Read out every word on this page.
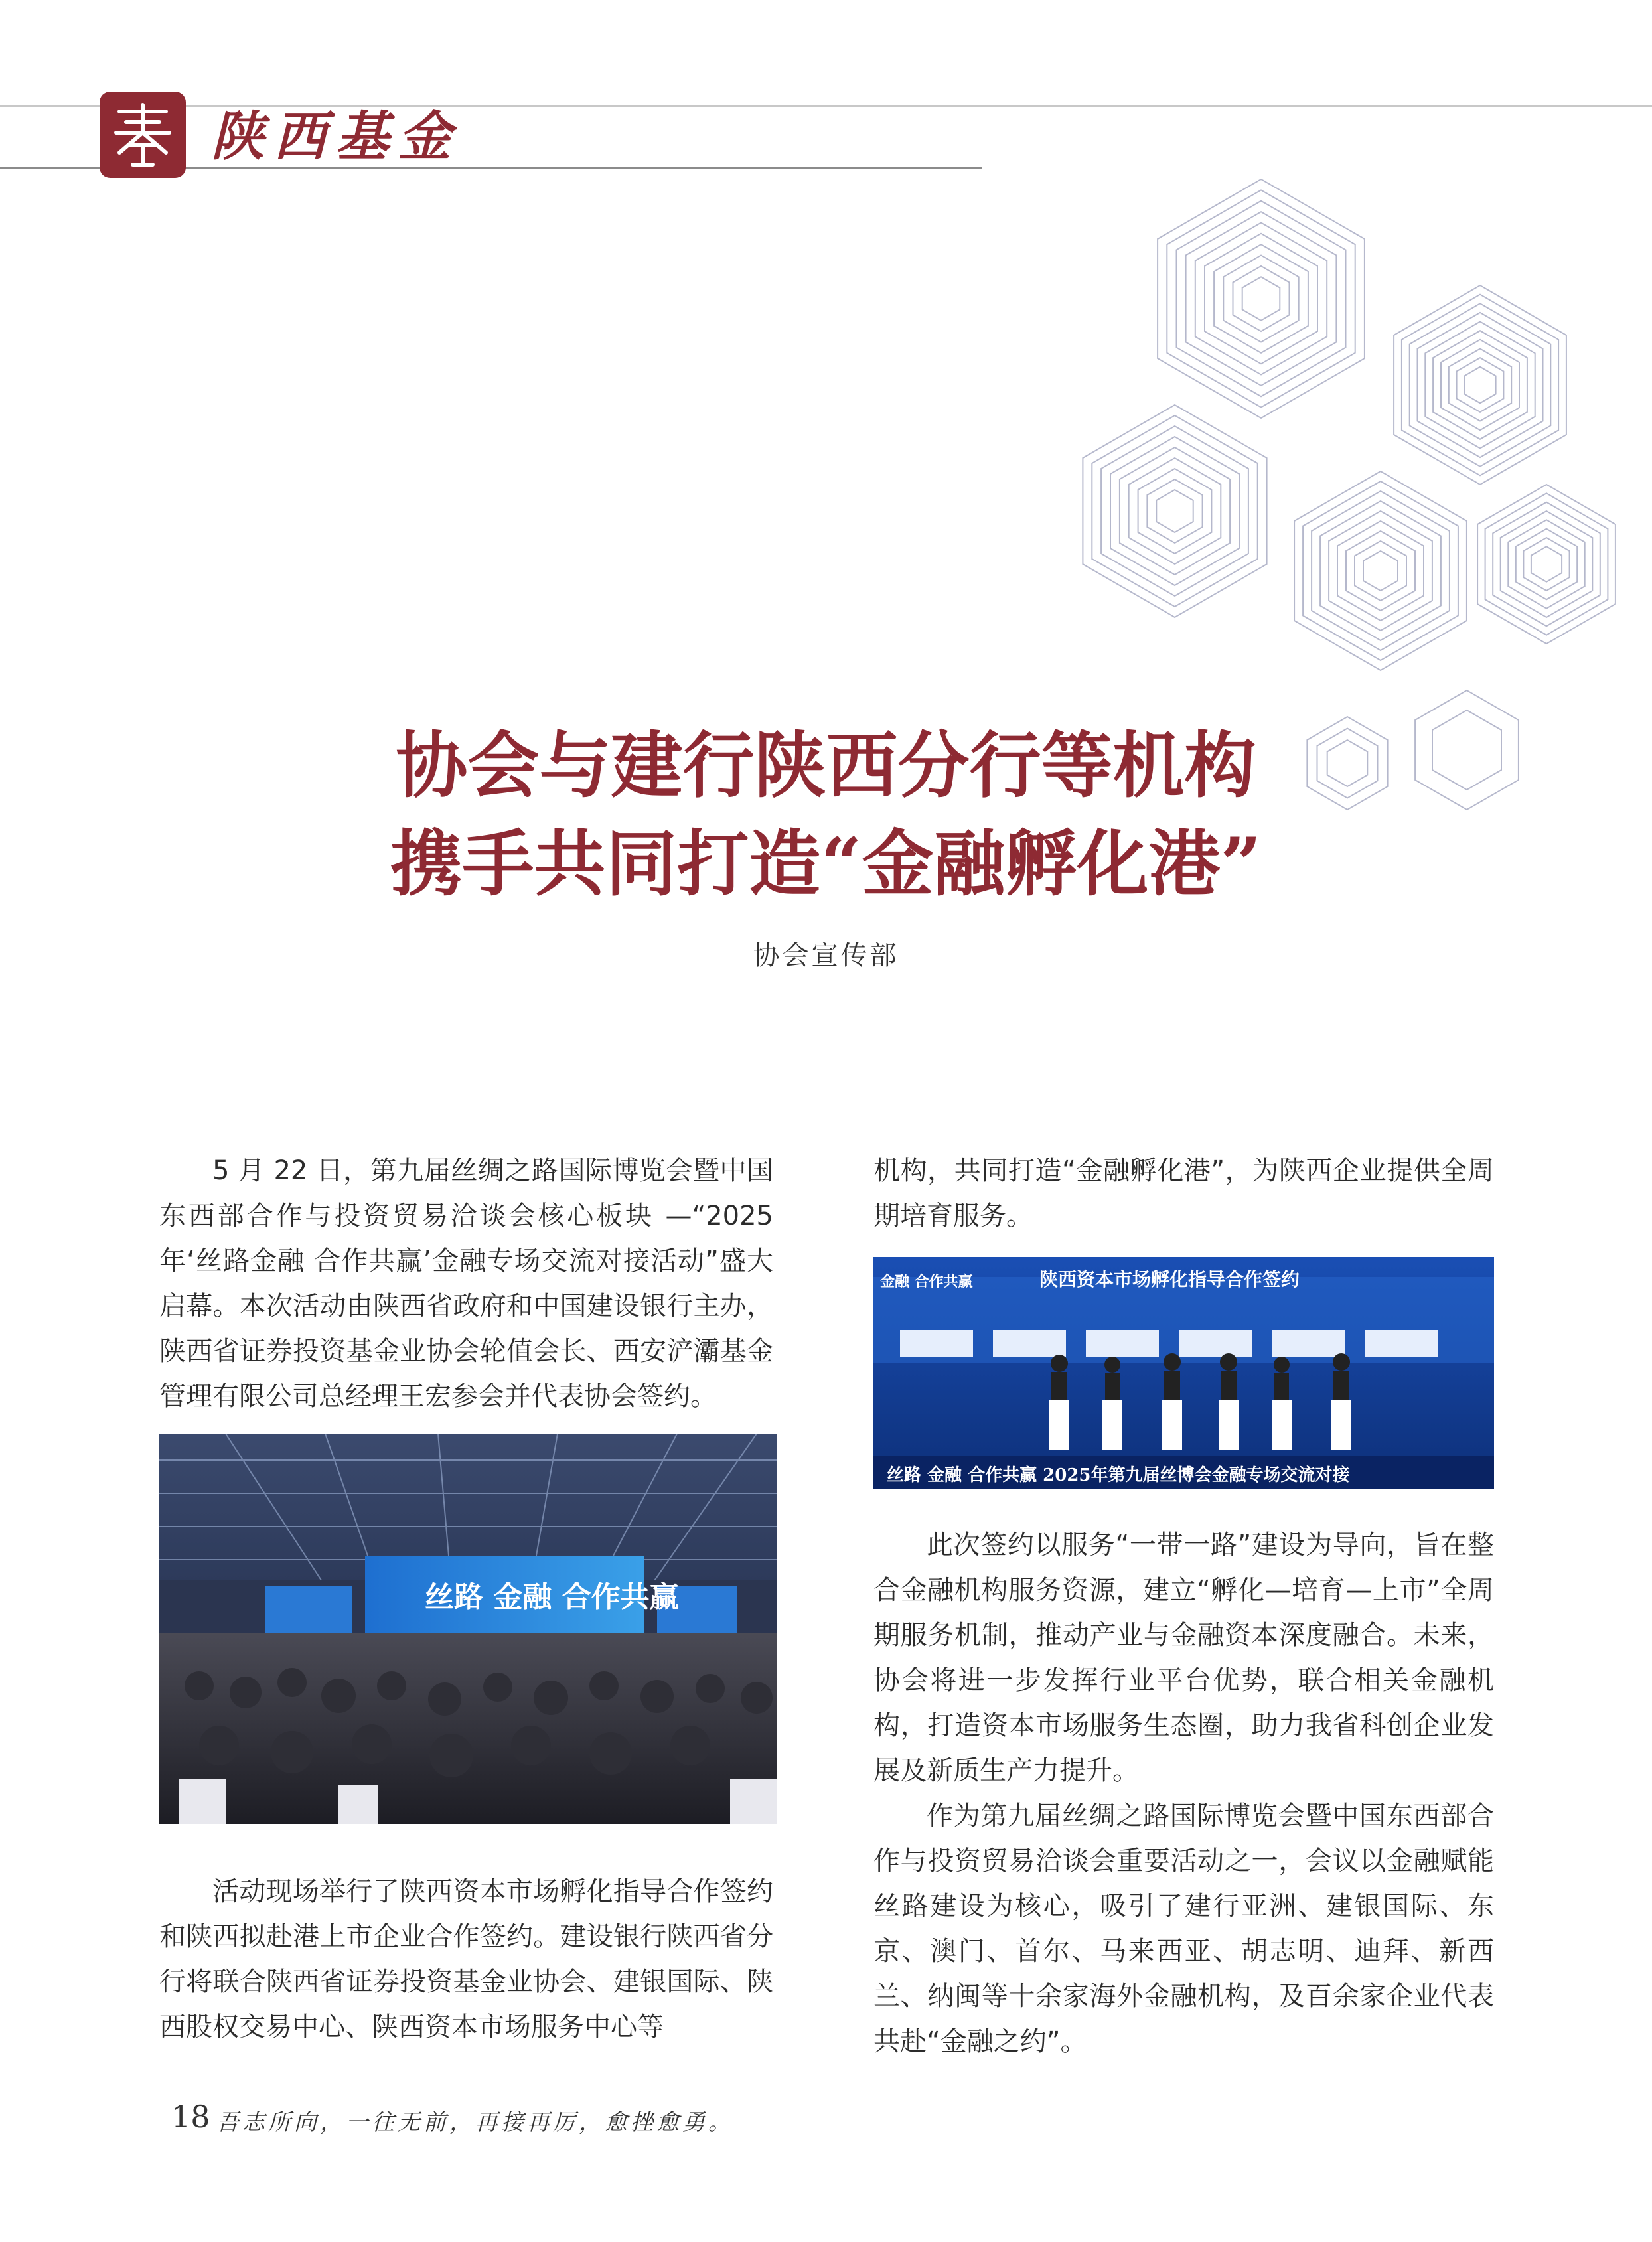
陕西基金
协会与建行陕西分行等机构
携手共同打造“金融孵化港”
协会宣传部

5 月 22 日，第九届丝绸之路国际博览会暨中国东西部合作与投资贸易洽谈会核心板块 —“2025 年‘丝路金融 合作共赢’金融专场交流对接活动”盛大启幕。本次活动由陕西省政府和中国建设银行主办，陕西省证券投资基金业协会轮值会长、西安浐灞基金管理有限公司总经理王宏参会并代表协会签约。

丝路 金融 合作共赢

活动现场举行了陕西资本市场孵化指导合作签约和陕西拟赴港上市企业合作签约。建设银行陕西省分行将联合陕西省证券投资基金业协会、建银国际、陕西股权交易中心、陕西资本市场服务中心等

机构，共同打造“金融孵化港”，为陕西企业提供全周期培育服务。

陕西资本市场孵化指导合作签约
金融 合作共赢
丝路 金融 合作共赢 2025年第九届丝博会金融专场交流对接

此次签约以服务“一带一路”建设为导向，旨在整合金融机构服务资源，建立“孵化—培育—上市”全周期服务机制，推动产业与金融资本深度融合。未来，协会将进一步发挥行业平台优势，联合相关金融机构，打造资本市场服务生态圈，助力我省科创企业发展及新质生产力提升。

作为第九届丝绸之路国际博览会暨中国东西部合作与投资贸易洽谈会重要活动之一，会议以金融赋能丝路建设为核心，吸引了建行亚洲、建银国际、东京、澳门、首尔、马来西亚、胡志明、迪拜、新西兰、纳闽等十余家海外金融机构，及百余家企业代表共赴“金融之约”。

18 吾志所向，一往无前，再接再厉，愈挫愈勇。
